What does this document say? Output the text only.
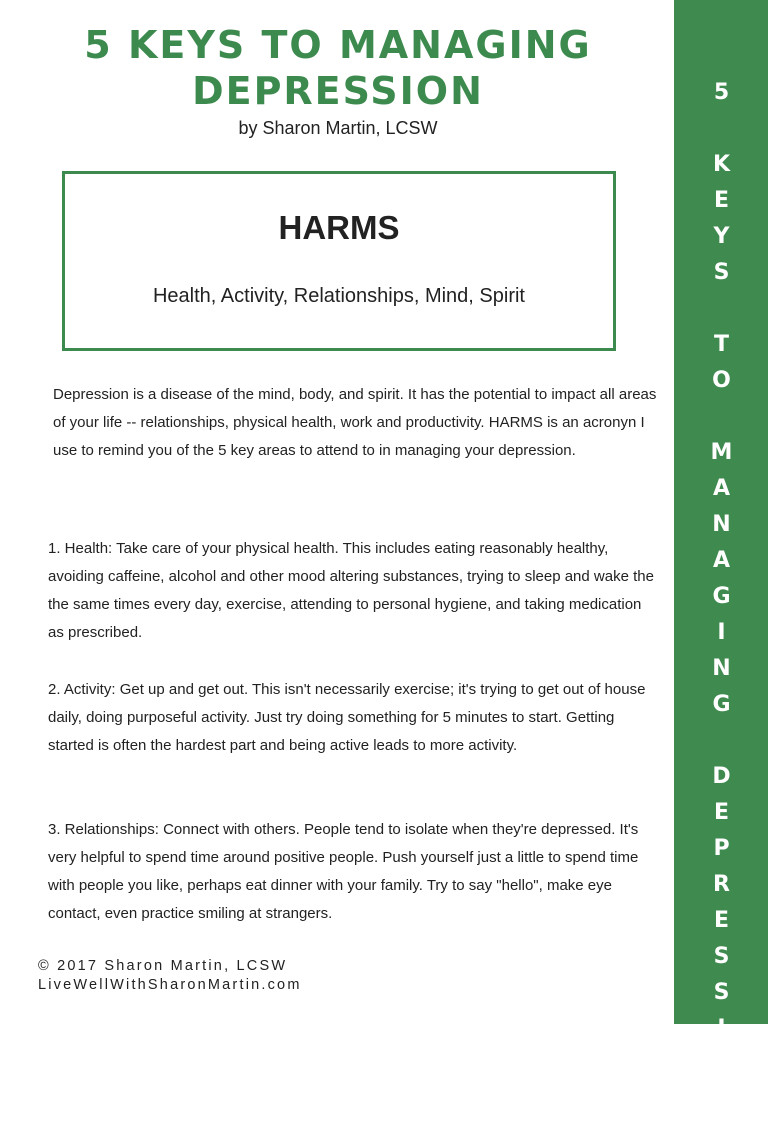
5 KEYS TO MANAGING
DEPRESSION
by Sharon Martin, LCSW
HARMS
Health, Activity, Relationships, Mind, Spirit

Depression is a disease of the mind, body, and spirit. It has the potential to impact all areas of your life -- relationships, physical health, work and productivity. HARMS is an acronyn I use to remind you of the 5 key areas to attend to in managing your depression.

1. Health: Take care of your physical health. This includes eating reasonably healthy, avoiding caffeine, alcohol and other mood altering substances, trying to sleep and wake the the same times every day, exercise, attending to personal hygiene, and taking medication as prescribed.

2. Activity: Get up and get out. This isn't necessarily exercise; it's trying to get out of house daily, doing purposeful activity. Just try doing something for 5 minutes to start. Getting started is often the hardest part and being active leads to more activity.

3. Relationships: Connect with others. People tend to isolate when they're depressed. It's very helpful to spend time around positive people. Push yourself just a little to spend time with people you like, perhaps eat dinner with your family. Try to say "hello", make eye contact, even practice smiling at strangers.

© 2017 Sharon Martin, LCSW
LiveWellWithSharonMartin.com	5 KEYS TO MANAGING DEPRESSION
